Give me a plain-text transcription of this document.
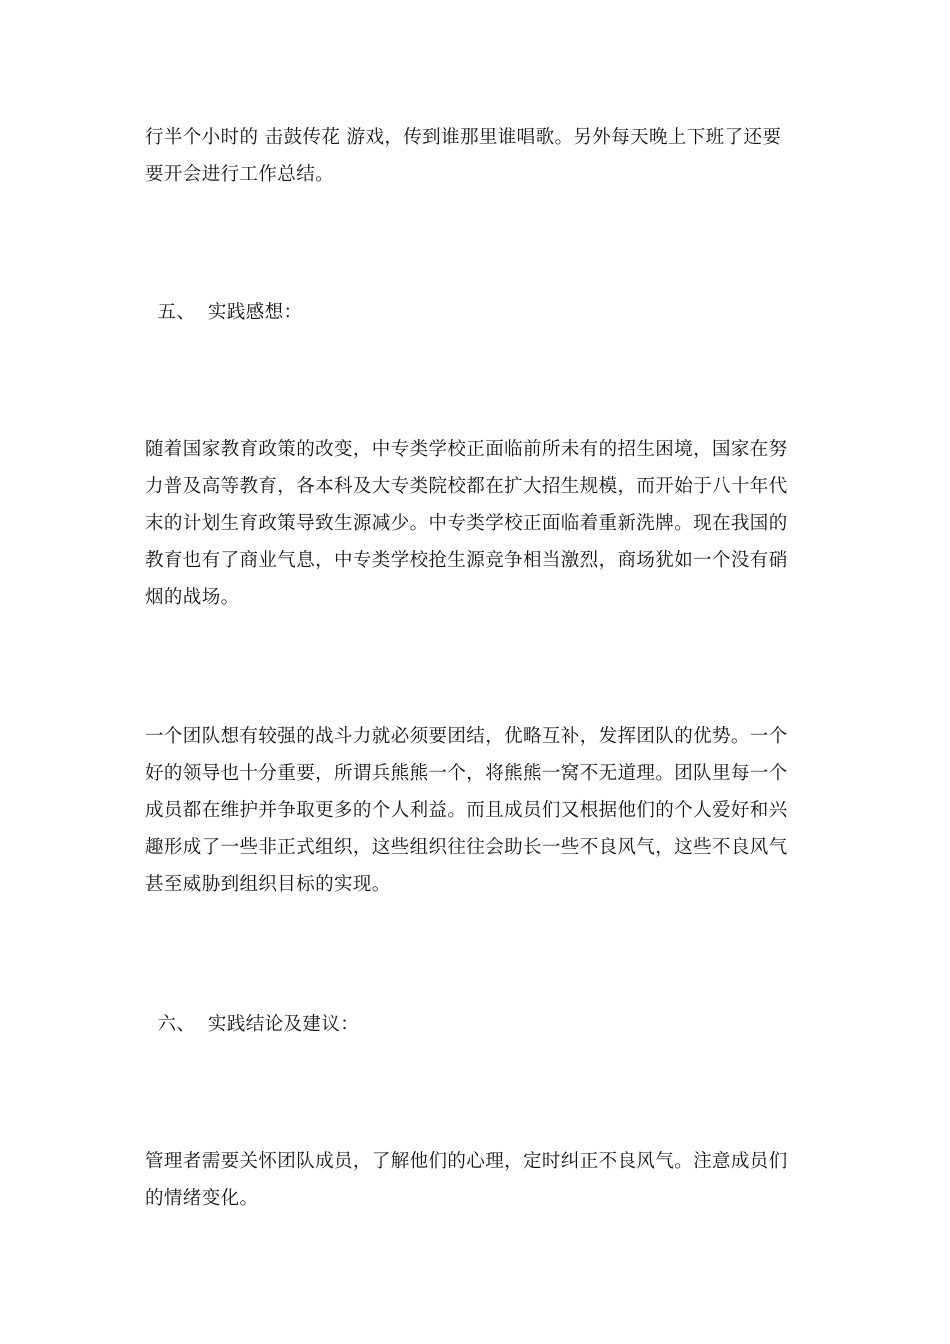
行半个小时的 击鼓传花 游戏，传到谁那里谁唱歌。另外每天晚上下班了还要
要开会进行工作总结。

五、  实践感想：

随着国家教育政策的改变，中专类学校正面临前所未有的招生困境，国家在努
力普及高等教育，各本科及大专类院校都在扩大招生规模，而开始于八十年代
末的计划生育政策导致生源减少。中专类学校正面临着重新洗牌。现在我国的
教育也有了商业气息，中专类学校抢生源竞争相当激烈，商场犹如一个没有硝
烟的战场。

一个团队想有较强的战斗力就必须要团结，优略互补，发挥团队的优势。一个
好的领导也十分重要，所谓兵熊熊一个，将熊熊一窝不无道理。团队里每一个
成员都在维护并争取更多的个人利益。而且成员们又根据他们的个人爱好和兴
趣形成了一些非正式组织，这些组织往往会助长一些不良风气，这些不良风气
甚至威胁到组织目标的实现。

六、  实践结论及建议：

管理者需要关怀团队成员，了解他们的心理，定时纠正不良风气。注意成员们
的情绪变化。
